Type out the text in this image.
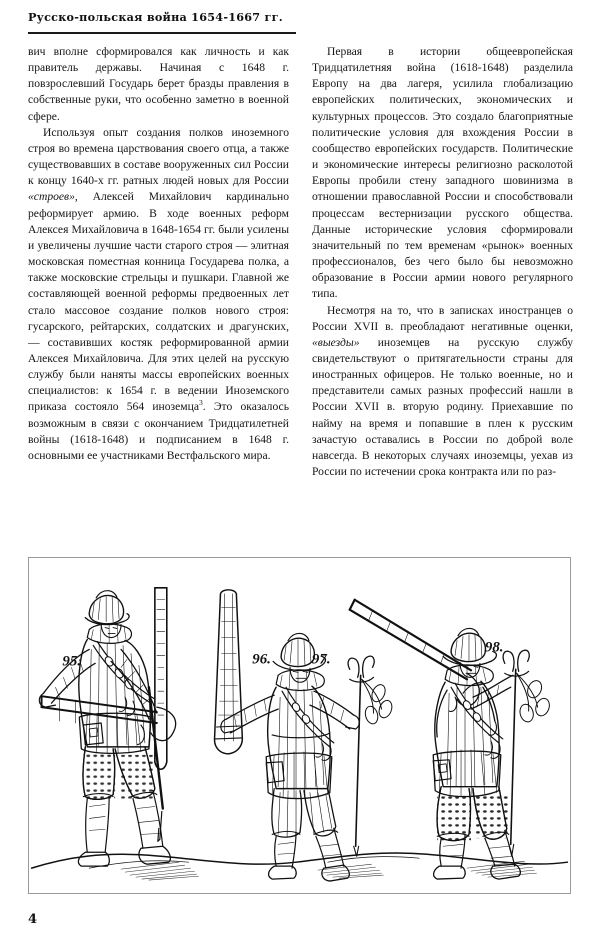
Русско-польская война 1654-1667 гг.

вич вполне сформировался как личность и как правитель державы. Начиная с 1648 г. повзрослевший Государь берет бразды правления в собственные руки, что особенно заметно в военной сфере.

Используя опыт создания полков иноземного строя во времена царствования своего отца, а также существовавших в составе вооруженных сил России к концу 1640-х гг. ратных людей новых для России «строев», Алексей Михайлович кардинально реформирует армию. В ходе военных реформ Алексея Михайловича в 1648-1654 гг. были усилены и увеличены лучшие части старого строя — элитная московская поместная конница Государева полка, а также московские стрельцы и пушкари. Главной же составляющей военной реформы предвоенных лет стало массовое создание полков нового строя: гусарского, рейтарских, солдатских и драгунских, — составивших костяк реформированной армии Алексея Михайловича. Для этих целей на русскую службу были наняты массы европейских военных специалистов: к 1654 г. в ведении Иноземского приказа состояло 564 иноземца$^3$. Это оказалось возможным в связи с окончанием Тридцатилетней войны (1618-1648) и подписанием в 1648 г. основными ее участниками Вестфальского мира.

Первая в истории общеевропейская Тридцатилетняя война (1618-1648) разделила Европу на два лагеря, усилила глобализацию европейских политических, экономических и культурных процессов. Это создало благоприятные политические условия для вхождения России в сообщество европейских государств. Политические и экономические интересы религиозно расколотой Европы пробили стену западного шовинизма в отношении православной России и способствовали процессам вестернизации русского общества. Данные исторические условия сформировали значительный по тем временам «рынок» военных профессионалов, без чего было бы невозможно образование в России армии нового регулярного типа.

Несмотря на то, что в записках иностранцев о России XVII в. преобладают негативные оценки, «выезды» иноземцев на русскую службу свидетельствуют о притягательности страны для иностранных офицеров. Не только военные, но и представители самых разных профессий нашли в России XVII в. вторую родину. Приехавшие по найму на время и попавшие в плен к русским зачастую оставались в России по доброй воле навсегда. В некоторых случаях иноземцы, уехав из России по истечении срока контракта или по раз-

95.	96.	97.
98.
4
